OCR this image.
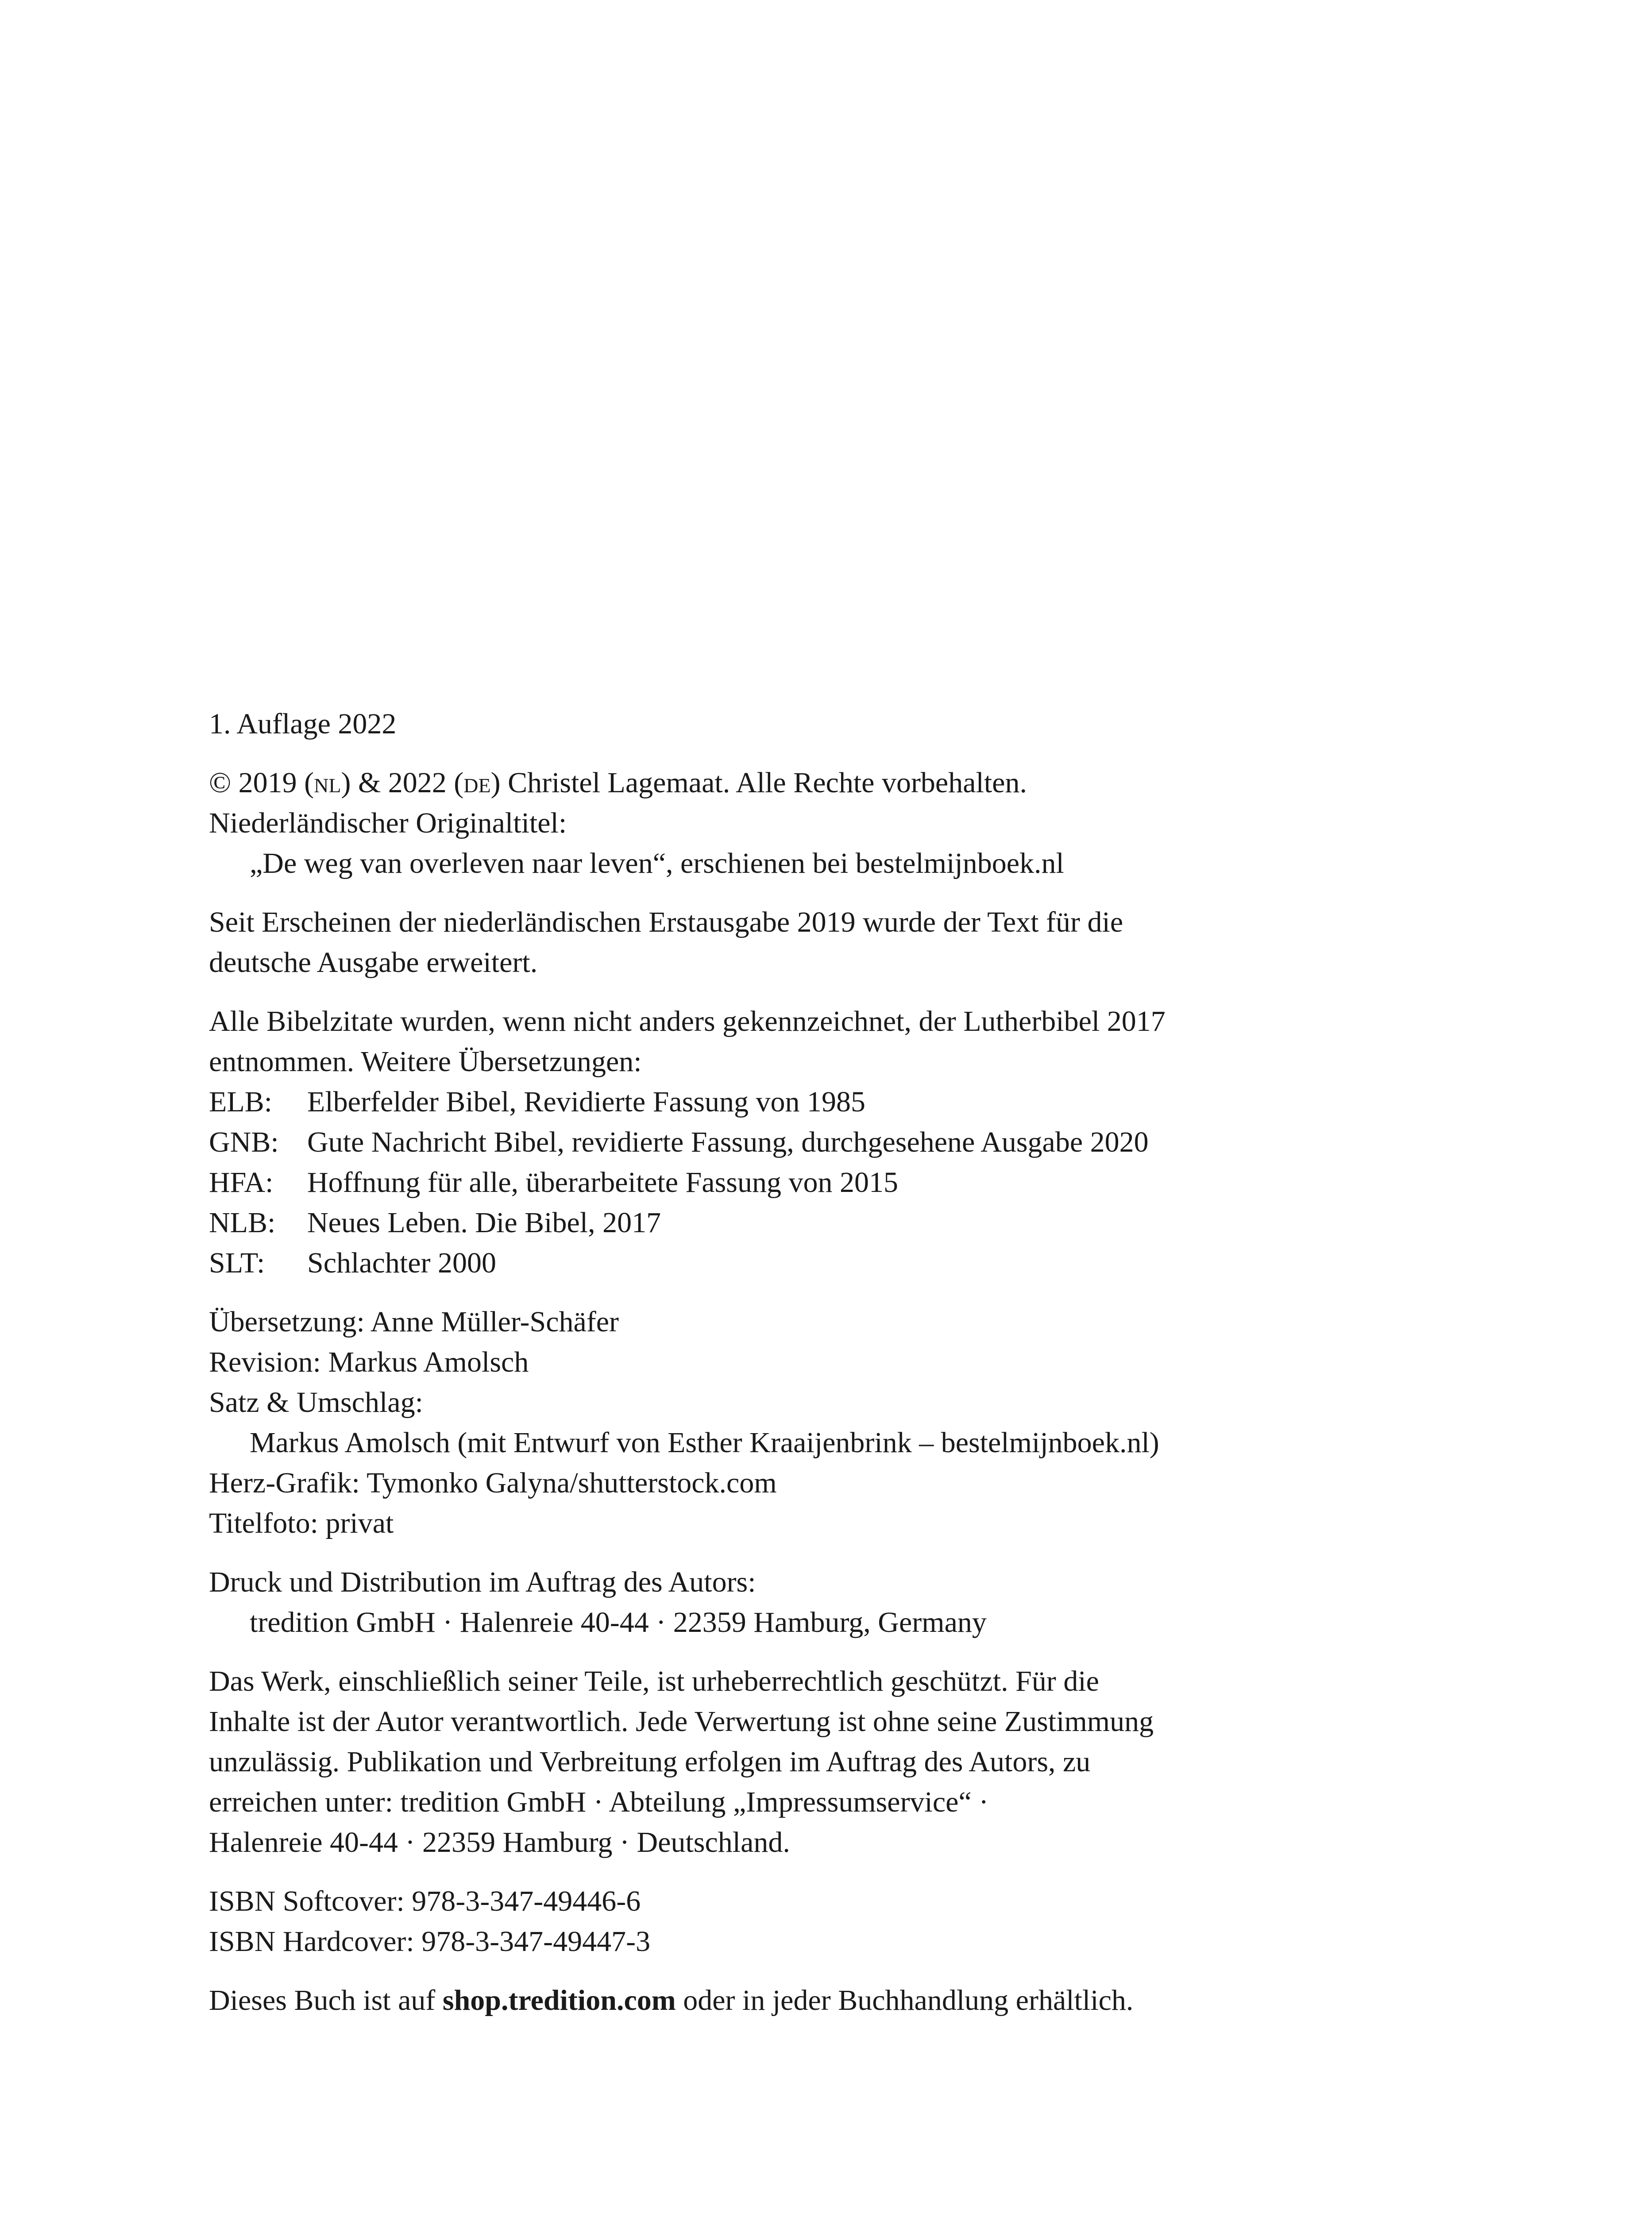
1. Auflage 2022
© 2019 (nl) & 2022 (de) Christel Lagemaat. Alle Rechte vorbehalten.
Niederländischer Originaltitel:
„De weg van overleven naar leven“, erschienen bei bestelmijnboek.nl
Seit Erscheinen der niederländischen Erstausgabe 2019 wurde der Text für die
deutsche Ausgabe erweitert.
Alle Bibelzitate wurden, wenn nicht anders gekennzeichnet, der Lutherbibel 2017
entnommen. Weitere Übersetzungen:
ELB:	Elberfelder Bibel, Revidierte Fassung von 1985
GNB: Gute Nachricht Bibel, revidierte Fassung, durchgesehene Ausgabe 2020
HFA:	Hoffnung für alle, überarbeitete Fassung von 2015
NLB:	Neues Leben. Die Bibel, 2017
SLT:	Schlachter 2000
Übersetzung: Anne Müller-Schäfer
Revision: Markus Amolsch
Satz & Umschlag:
Markus Amolsch (mit Entwurf von Esther Kraaijenbrink – bestelmijnboek.nl)
Herz-Grafik: Tymonko Galyna/shutterstock.com
Titelfoto: privat
Druck und Distribution im Auftrag des Autors:
tredition GmbH · Halenreie 40-44 · 22359 Hamburg, Germany
Das Werk, einschließlich seiner Teile, ist urheberrechtlich geschützt. Für die
Inhalte ist der Autor verantwortlich. Jede Verwertung ist ohne seine Zustimmung
unzulässig. Publikation und Verbreitung erfolgen im Auftrag des Autors, zu
erreichen unter: tredition GmbH · Abteilung „Impressumservice“ ·
Halenreie 40-44 · 22359 Hamburg · Deutschland.
ISBN Softcover: 978-3-347-49446-6
ISBN Hardcover: 978-3-347-49447-3
Dieses Buch ist auf shop.tredition.com oder in jeder Buchhandlung erhältlich.
